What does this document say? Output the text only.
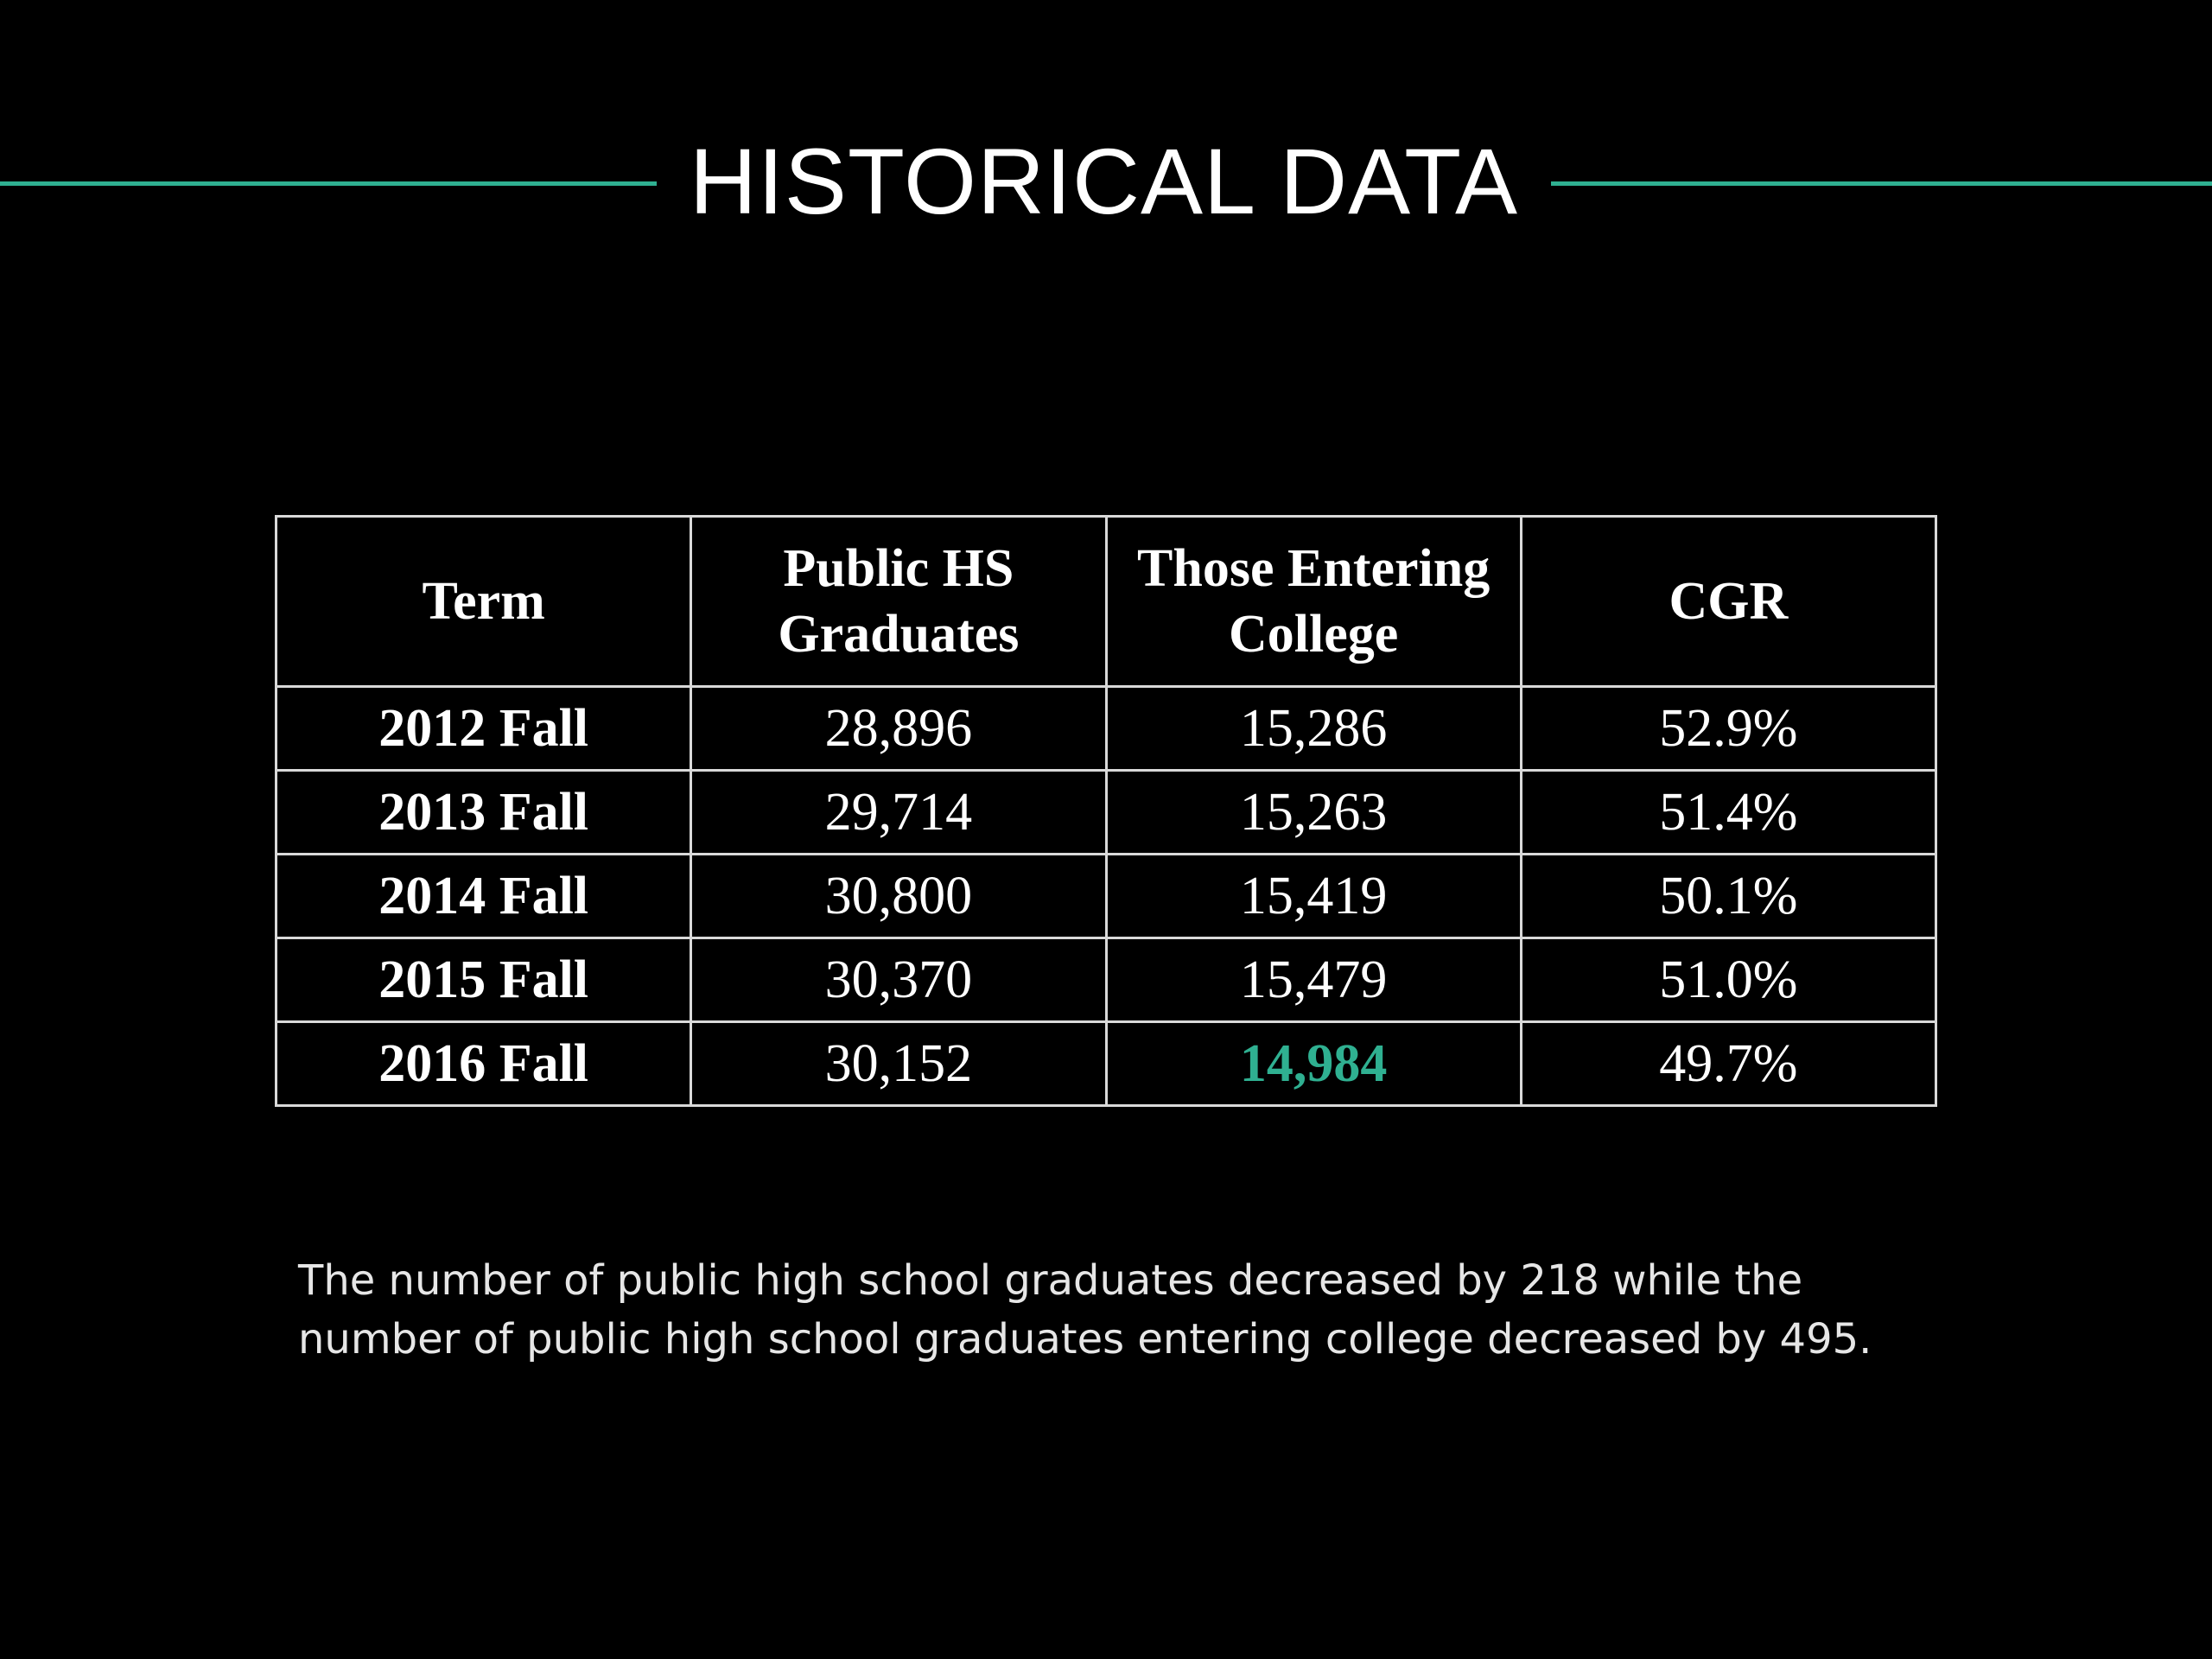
HISTORICAL DATA
Term	Public HS Graduates	Those Entering College	CGR
2012 Fall	28,896	15,286	52.9%
2013 Fall	29,714	15,263	51.4%
2014 Fall	30,800	15,419	50.1%
2015 Fall	30,370	15,479	51.0%
2016 Fall	30,152	14,984	49.7%
The number of public high school graduates decreased by 218 while the number of public high school graduates entering college decreased by 495.
